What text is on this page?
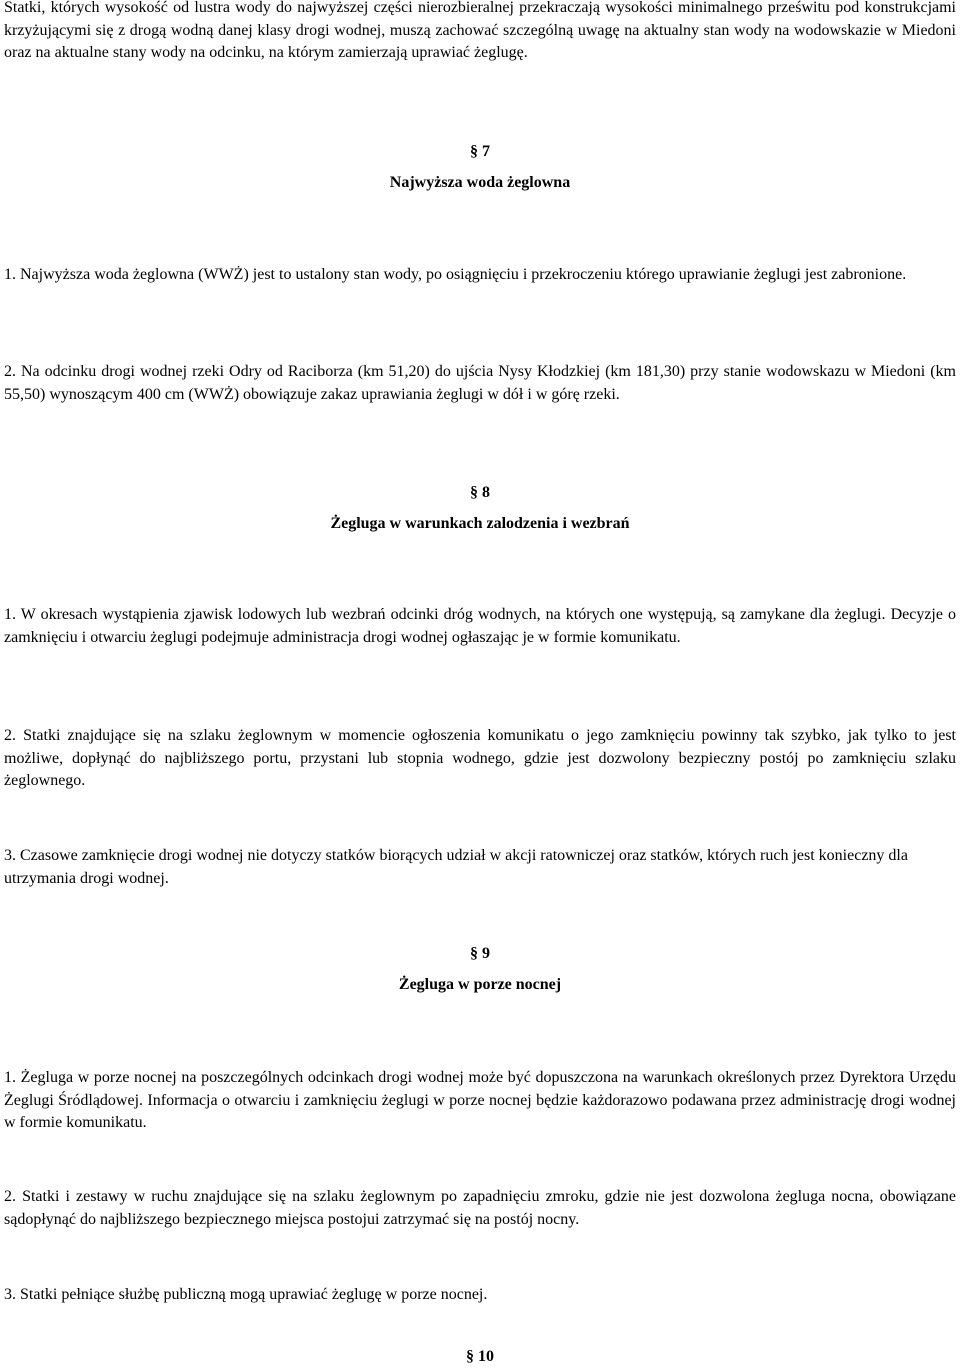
Statki, których wysokość od lustra wody do najwyższej części nierozbieralnej przekraczają wysokości minimalnego prześwitu pod konstrukcjami krzyżującymi się z drogą wodną danej klasy drogi wodnej, muszą zachować szczególną uwagę na aktualny stan wody na wodowskazie w Miedoni oraz na aktualne stany wody na odcinku, na którym zamierzają uprawiać żeglugę.

§ 7
Najwyższa woda żeglowna

1. Najwyższa woda żeglowna (WWŻ) jest to ustalony stan wody, po osiągnięciu i przekroczeniu którego uprawianie żeglugi jest zabronione.

2. Na odcinku drogi wodnej rzeki Odry od Raciborza (km 51,20) do ujścia Nysy Kłodzkiej (km 181,30) przy stanie wodowskazu w Miedoni (km 55,50) wynoszącym 400 cm (WWŻ) obowiązuje zakaz uprawiania żeglugi w dół i w górę rzeki.

§ 8
Żegluga w warunkach zalodzenia i wezbrań

1. W okresach wystąpienia zjawisk lodowych lub wezbrań odcinki dróg wodnych, na których one występują, są zamykane dla żeglugi. Decyzje o zamknięciu i otwarciu żeglugi podejmuje administracja drogi wodnej ogłaszając je w formie komunikatu.

2. Statki znajdujące się na szlaku żeglownym w momencie ogłoszenia komunikatu o jego zamknięciu powinny tak szybko, jak tylko to jest możliwe, dopłynąć do najbliższego portu, przystani lub stopnia wodnego, gdzie jest dozwolony bezpieczny postój po zamknięciu szlaku żeglownego.

3. Czasowe zamknięcie drogi wodnej nie dotyczy statków biorących udział w akcji ratowniczej oraz statków, których ruch jest konieczny dla utrzymania drogi wodnej.

§ 9
Żegluga w porze nocnej

1. Żegluga w porze nocnej na poszczególnych odcinkach drogi wodnej może być dopuszczona na warunkach określonych przez Dyrektora Urzędu Żeglugi Śródlądowej. Informacja o otwarciu i zamknięciu żeglugi w porze nocnej będzie każdorazowo podawana przez administrację drogi wodnej w formie komunikatu.

2. Statki i zestawy w ruchu znajdujące się na szlaku żeglownym po zapadnięciu zmroku, gdzie nie jest dozwolona żegluga nocna, obowiązane sądopłynąć do najbliższego bezpiecznego miejsca postojui zatrzymać się na postój nocny.

3. Statki pełniące służbę publiczną mogą uprawiać żeglugę w porze nocnej.

§ 10
